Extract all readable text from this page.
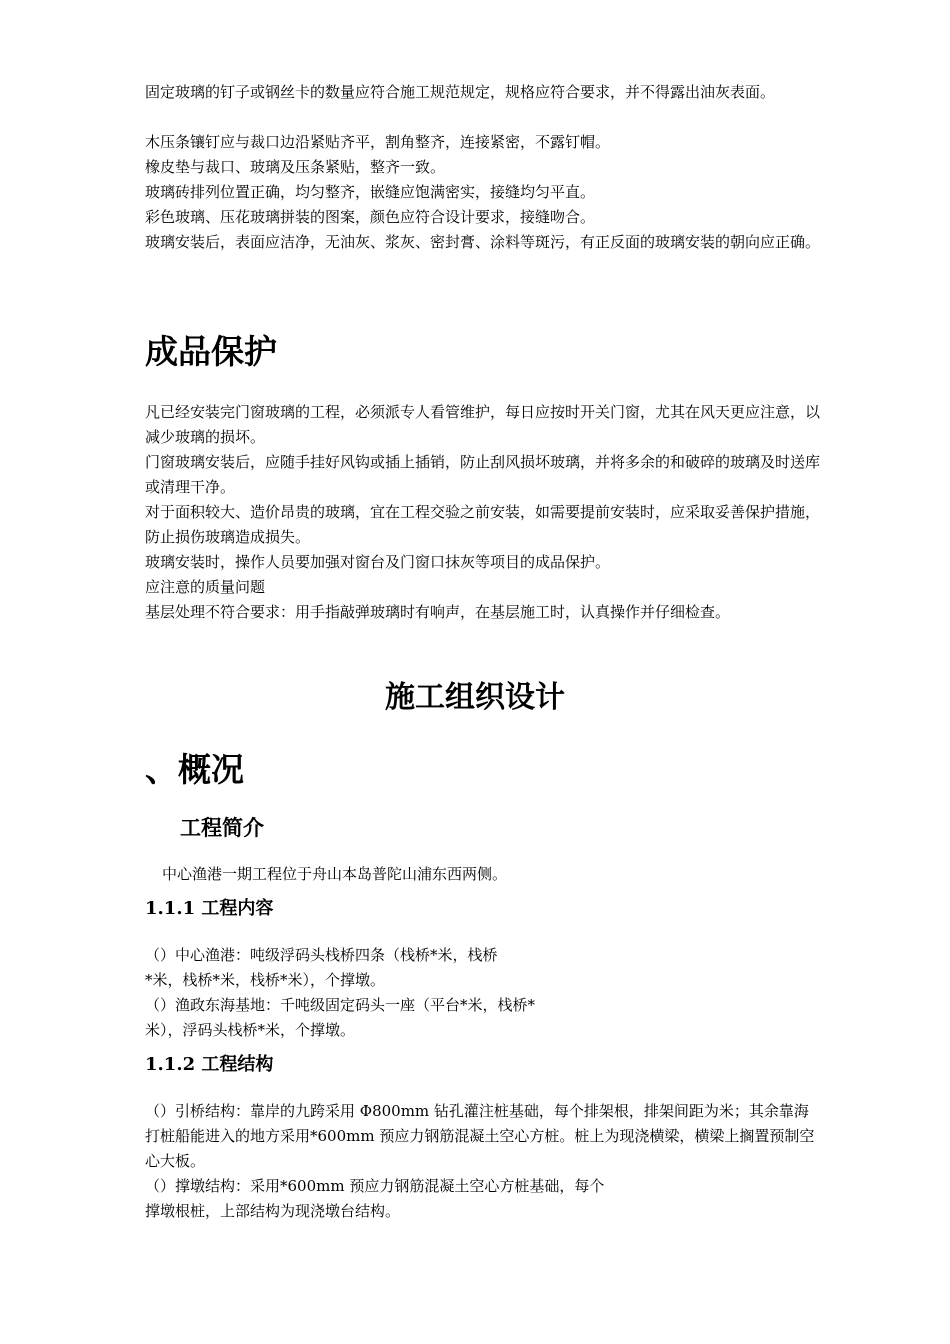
固定玻璃的钉子或钢丝卡的数量应符合施工规范规定，规格应符合要求，并不得露出油灰表面。

木压条镶钉应与裁口边沿紧贴齐平，割角整齐，连接紧密，不露钉帽。

橡皮垫与裁口、玻璃及压条紧贴，整齐一致。

玻璃砖排列位置正确，均匀整齐，嵌缝应饱满密实，接缝均匀平直。

彩色玻璃、压花玻璃拼装的图案，颜色应符合设计要求，接缝吻合。

玻璃安装后，表面应洁净，无油灰、浆灰、密封膏、涂料等斑污，有正反面的玻璃安装的朝向应正确。

成品保护

凡已经安装完门窗玻璃的工程，必须派专人看管维护，每日应按时开关门窗，尤其在风天更应注意，以减少玻璃的损坏。

门窗玻璃安装后，应随手挂好风钩或插上插销，防止刮风损坏玻璃，并将多余的和破碎的玻璃及时送库或清理干净。

对于面积较大、造价昂贵的玻璃，宜在工程交验之前安装，如需要提前安装时，应采取妥善保护措施，防止损伤玻璃造成损失。

玻璃安装时，操作人员要加强对窗台及门窗口抹灰等项目的成品保护。

应注意的质量问题

基层处理不符合要求：用手指敲弹玻璃时有响声，在基层施工时，认真操作并仔细检查。

施工组织设计
、概况
工程简介

中心渔港一期工程位于舟山本岛普陀山浦东西两侧。

1.1.1 工程内容

（）中心渔港：吨级浮码头栈桥四条（栈桥*米，栈桥

*米，栈桥*米，栈桥*米），个撑墩。

（）渔政东海基地：千吨级固定码头一座（平台*米，栈桥*

米），浮码头栈桥*米，个撑墩。

1.1.2 工程结构

（）引桥结构：靠岸的九跨采用 Φ800mm 钻孔灌注桩基础，每个排架根，排架间距为米；其余靠海打桩船能进入的地方采用*600mm 预应力钢筋混凝土空心方桩。桩上为现浇横梁，横梁上搁置预制空心大板。

（）撑墩结构：采用*600mm 预应力钢筋混凝土空心方桩基础，每个

撑墩根桩，上部结构为现浇墩台结构。
